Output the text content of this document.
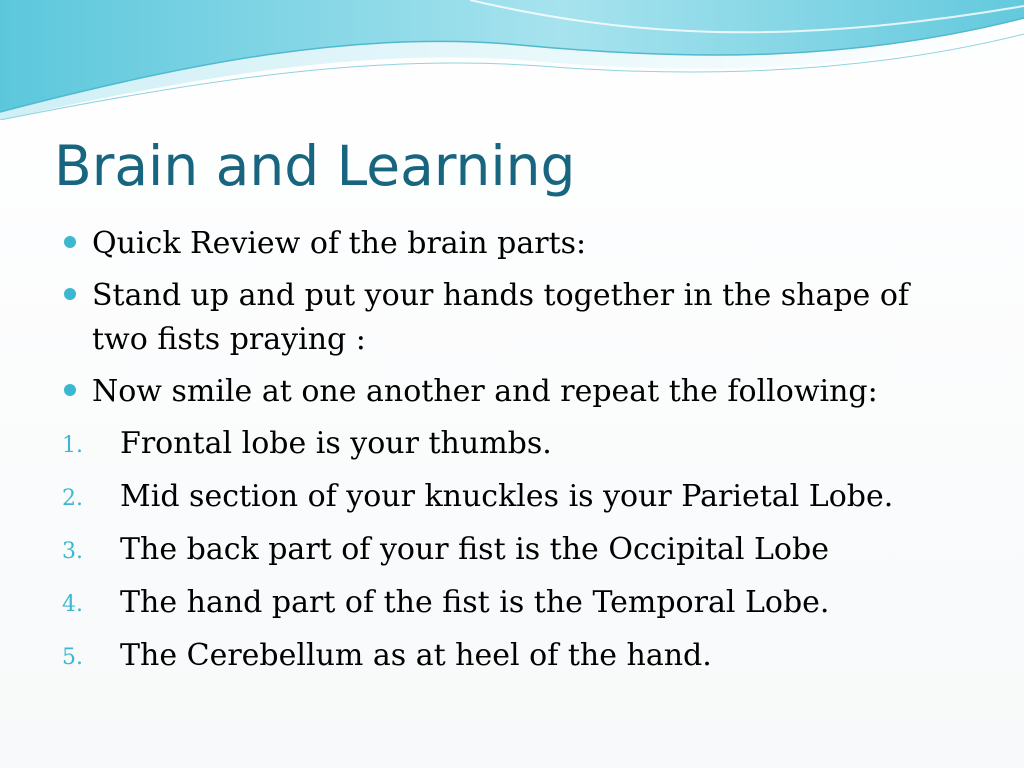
Brain and Learning
Quick Review of the brain parts:
Stand up and put your hands together in the shape of two fists praying :
Now smile at one another and repeat the following:
1. Frontal lobe is your thumbs.
2. Mid section of your knuckles is your Parietal Lobe.
3. The back part of your fist is the Occipital Lobe
4. The hand part of the fist is the Temporal Lobe.
5. The Cerebellum as at heel of the hand.
